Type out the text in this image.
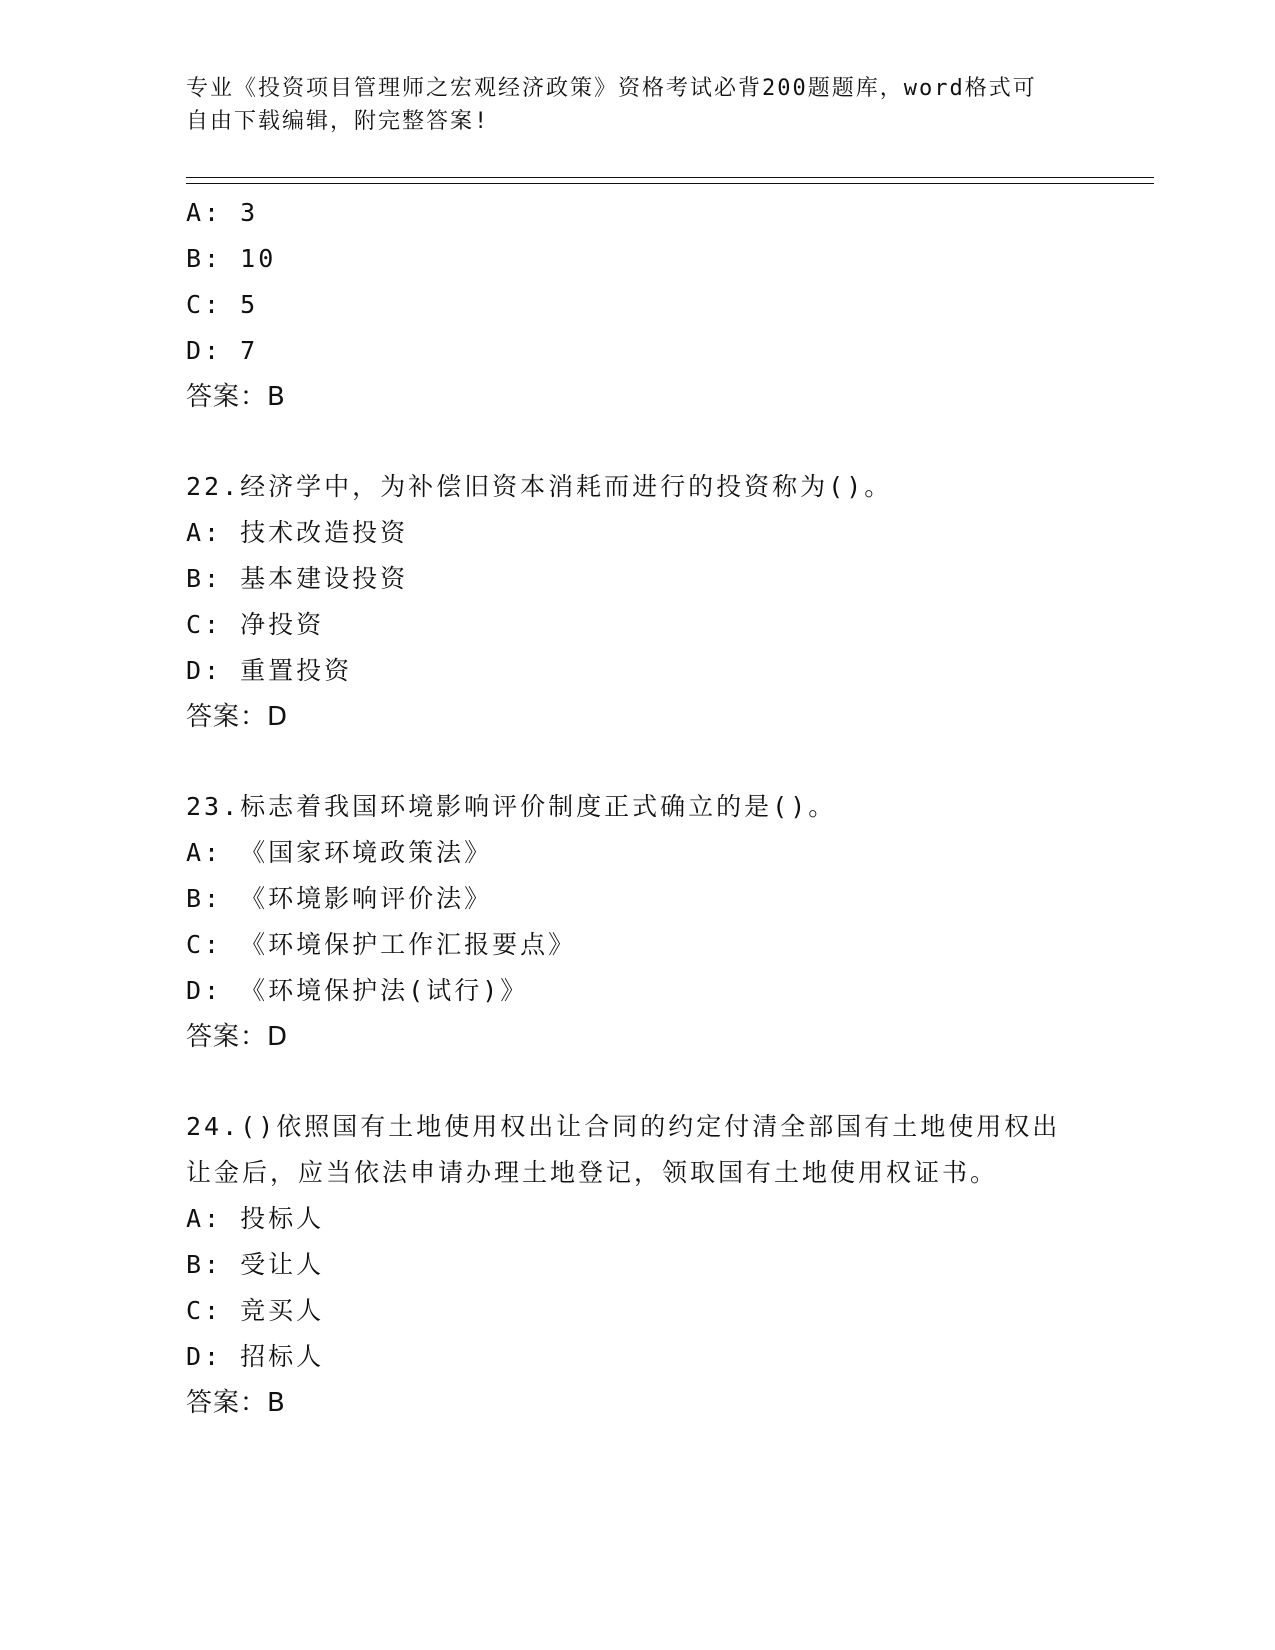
专业《投资项目管理师之宏观经济政策》资格考试必背200题题库，word格式可
自由下载编辑，附完整答案!
A: 3
B: 10
C: 5
D: 7
答案：B
22.经济学中，为补偿旧资本消耗而进行的投资称为()。
A: 技术改造投资
B: 基本建设投资
C: 净投资
D: 重置投资
答案：D
23.标志着我国环境影响评价制度正式确立的是()。
A: 《国家环境政策法》
B: 《环境影响评价法》
C: 《环境保护工作汇报要点》
D: 《环境保护法(试行)》
答案：D
24.()依照国有土地使用权出让合同的约定付清全部国有土地使用权出
让金后，应当依法申请办理土地登记，领取国有土地使用权证书。
A: 投标人
B: 受让人
C: 竞买人
D: 招标人
答案：B
